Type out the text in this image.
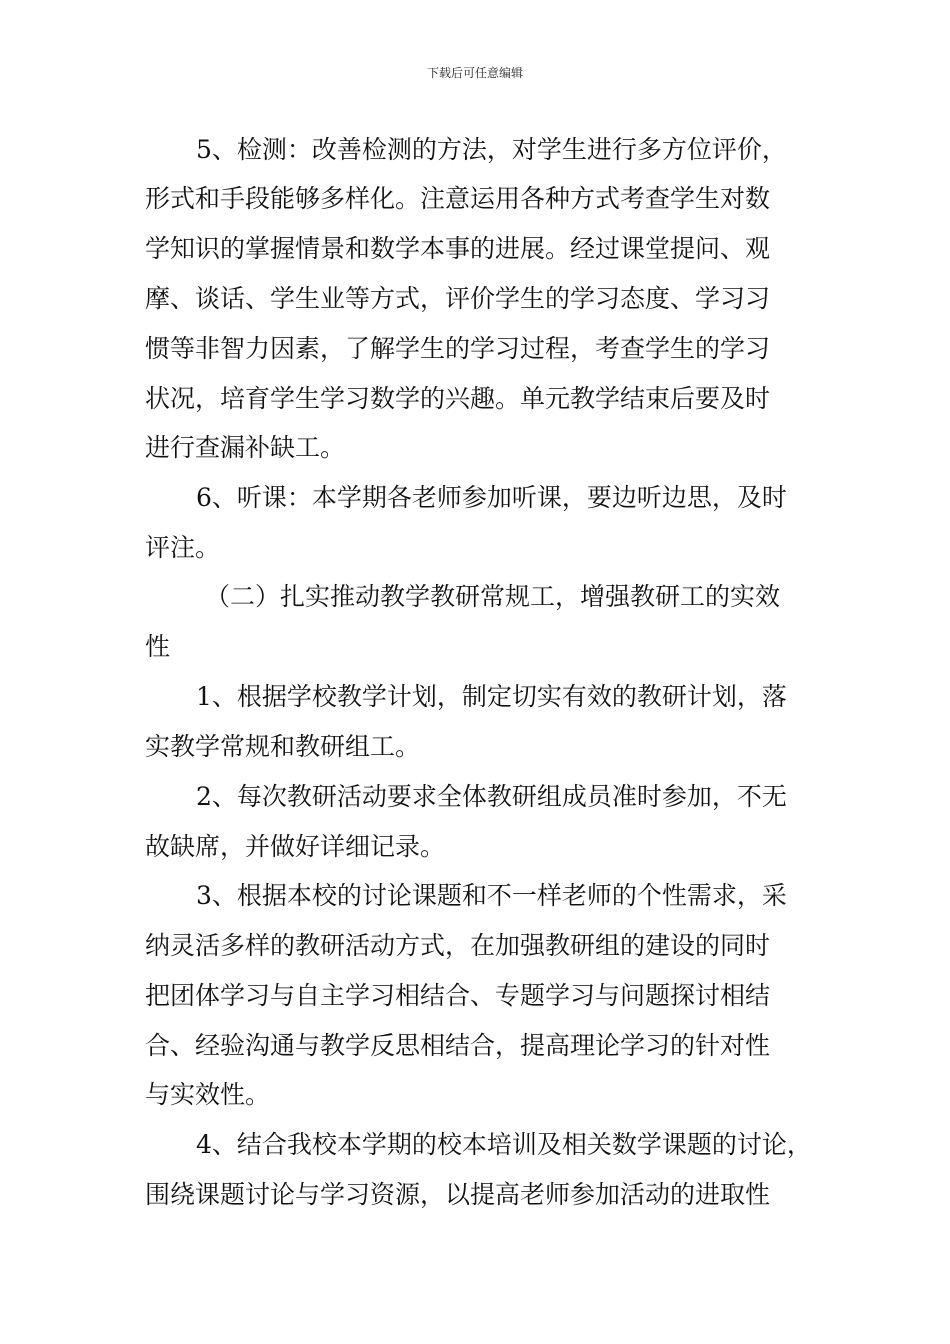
下载后可任意编辑
5、检测：改善检测的方法，对学生进行多方位评价，
形式和手段能够多样化。注意运用各种方式考查学生对数
学知识的掌握情景和数学本事的进展。经过课堂提问、观
摩、谈话、学生业等方式，评价学生的学习态度、学习习
惯等非智力因素，了解学生的学习过程，考查学生的学习
状况，培育学生学习数学的兴趣。单元教学结束后要及时
进行查漏补缺工。
6、听课：本学期各老师参加听课，要边听边思，及时
评注。
（二）扎实推动教学教研常规工，增强教研工的实效
性
1、根据学校教学计划，制定切实有效的教研计划，落
实教学常规和教研组工。
2、每次教研活动要求全体教研组成员准时参加，不无
故缺席，并做好详细记录。
3、根据本校的讨论课题和不一样老师的个性需求，采
纳灵活多样的教研活动方式，在加强教研组的建设的同时
把团体学习与自主学习相结合、专题学习与问题探讨相结
合、经验沟通与教学反思相结合，提高理论学习的针对性
与实效性。
4、结合我校本学期的校本培训及相关数学课题的讨论，
围绕课题讨论与学习资源，以提高老师参加活动的进取性
